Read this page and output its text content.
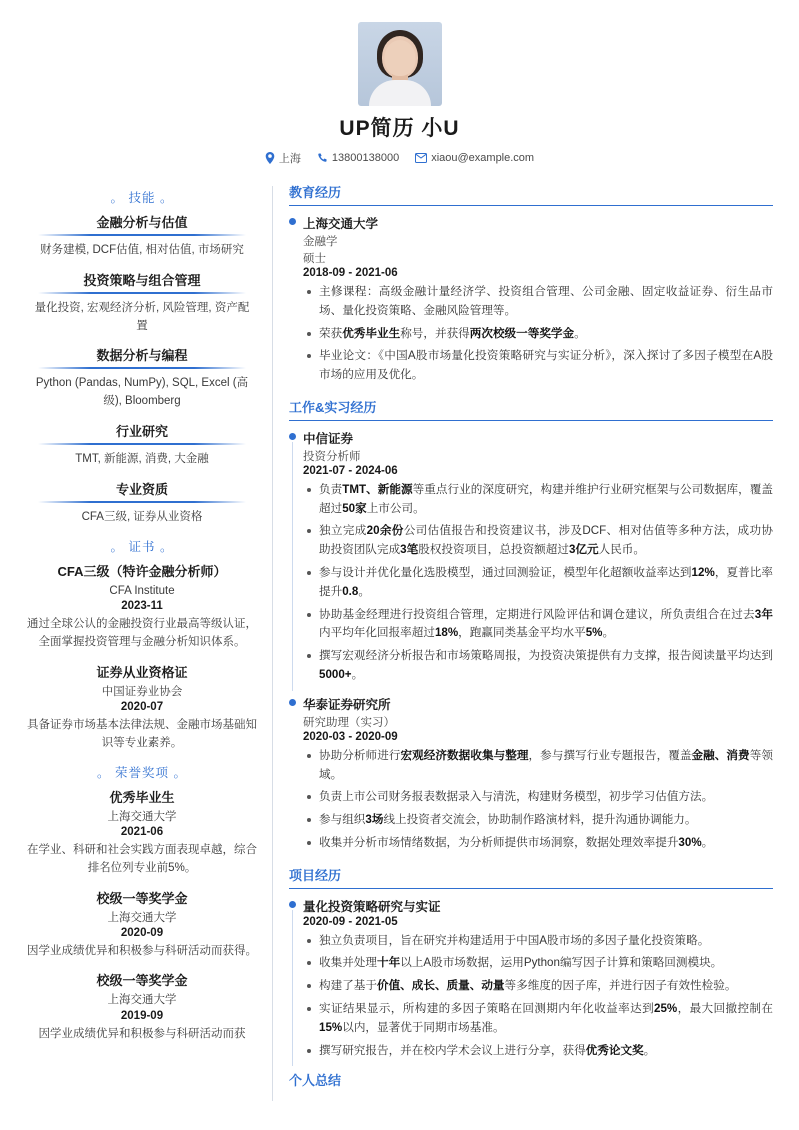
UP简历 小U
上海	13800138000	xiaou@example.com
。 技能 。
金融分析与估值
财务建模, DCF估值, 相对估值, 市场研究
投资策略与组合管理
量化投资, 宏观经济分析, 风险管理, 资产配置
数据分析与编程
Python (Pandas, NumPy), SQL, Excel (高级), Bloomberg
行业研究
TMT, 新能源, 消费, 大金融
专业资质
CFA三级, 证券从业资格
。 证书 。
CFA三级（特许金融分析师）
CFA Institute
2023-11
通过全球公认的金融投资行业最高等级认证，全面掌握投资管理与金融分析知识体系。
证券从业资格证
中国证券业协会
2020-07
具备证券市场基本法律法规、金融市场基础知识等专业素养。
。 荣誉奖项 。
优秀毕业生
上海交通大学
2021-06
在学业、科研和社会实践方面表现卓越，综合排名位列专业前5%。
校级一等奖学金
上海交通大学
2020-09
因学业成绩优异和积极参与科研活动而获得。
校级一等奖学金
上海交通大学
2019-09
因学业成绩优异和积极参与科研活动而获
教育经历
上海交通大学
金融学
硕士
2018-09 - 2021-06
主修课程：高级金融计量经济学、投资组合管理、公司金融、固定收益证券、衍生品市场、量化投资策略、金融风险管理等。
荣获优秀毕业生称号，并获得两次校级一等奖学金。
毕业论文：《中国A股市场量化投资策略研究与实证分析》，深入探讨了多因子模型在A股市场的应用及优化。
工作&实习经历
中信证券
投资分析师
2021-07 - 2024-06
负责TMT、新能源等重点行业的深度研究，构建并维护行业研究框架与公司数据库，覆盖超过50家上市公司。
独立完成20余份公司估值报告和投资建议书，涉及DCF、相对估值等多种方法，成功协助投资团队完成3笔股权投资项目，总投资额超过3亿元人民币。
参与设计并优化量化选股模型，通过回测验证，模型年化超额收益率达到12%，夏普比率提升0.8。
协助基金经理进行投资组合管理，定期进行风险评估和调仓建议，所负责组合在过去3年内平均年化回报率超过18%，跑赢同类基金平均水平5%。
撰写宏观经济分析报告和市场策略周报，为投资决策提供有力支撑，报告阅读量平均达到5000+。
华泰证券研究所
研究助理（实习）
2020-03 - 2020-09
协助分析师进行宏观经济数据收集与整理，参与撰写行业专题报告，覆盖金融、消费等领域。
负责上市公司财务报表数据录入与清洗，构建财务模型，初步学习估值方法。
参与组织3场线上投资者交流会，协助制作路演材料，提升沟通协调能力。
收集并分析市场情绪数据，为分析师提供市场洞察，数据处理效率提升30%。
项目经历
量化投资策略研究与实证
2020-09 - 2021-05
独立负责项目，旨在研究并构建适用于中国A股市场的多因子量化投资策略。
收集并处理十年以上A股市场数据，运用Python编写因子计算和策略回测模块。
构建了基于价值、成长、质量、动量等多维度的因子库，并进行因子有效性检验。
实证结果显示，所构建的多因子策略在回测期内年化收益率达到25%，最大回撤控制在15%以内，显著优于同期市场基准。
撰写研究报告，并在校内学术会议上进行分享，获得优秀论文奖。
个人总结
